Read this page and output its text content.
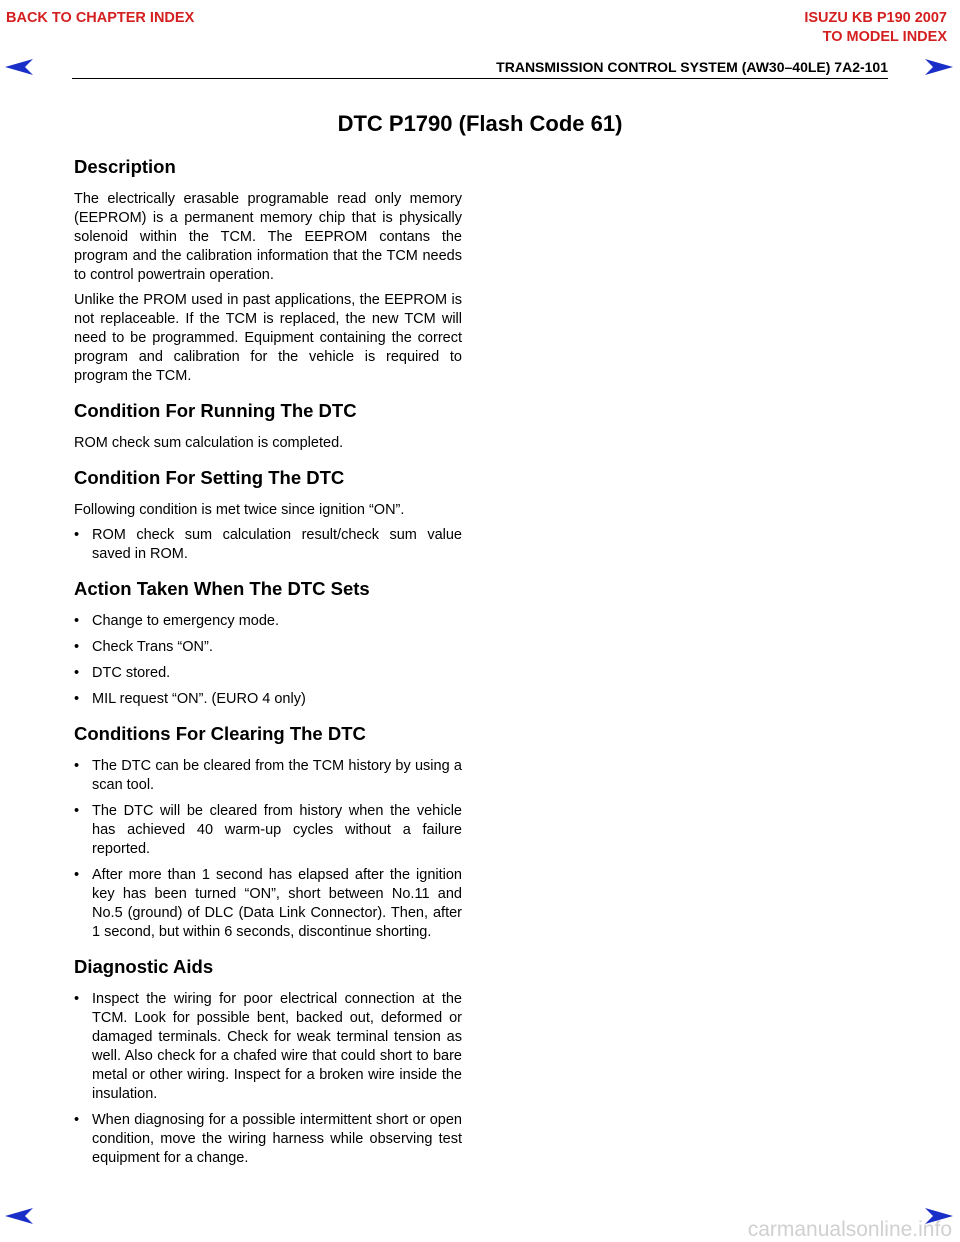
BACK TO CHAPTER INDEX	ISUZU KB P190 2007
TO MODEL INDEX
TRANSMISSION CONTROL SYSTEM (AW30–40LE) 7A2-101
DTC P1790 (Flash Code 61)
Description

The electrically erasable programable read only memory (EEPROM) is a permanent memory chip that is physically solenoid within the TCM. The EEPROM contans the program and the calibration information that the TCM needs to control powertrain operation.

Unlike the PROM used in past applications, the EEPROM is not replaceable. If the TCM is replaced, the new TCM will need to be programmed. Equipment containing the correct program and calibration for the vehicle is required to program the TCM.

Condition For Running The DTC

ROM check sum calculation is completed.

Condition For Setting The DTC

Following condition is met twice since ignition “ON”.

• ROM check sum calculation result/check sum value saved in ROM.
Action Taken When The DTC Sets
• Change to emergency mode.
• Check Trans “ON”.
• DTC stored.
• MIL request “ON”. (EURO 4 only)
Conditions For Clearing The DTC
• The DTC can be cleared from the TCM history by using a scan tool.
• The DTC will be cleared from history when the vehicle has achieved 40 warm-up cycles without a failure reported.
• After more than 1 second has elapsed after the ignition key has been turned “ON”, short between No.11 and No.5 (ground) of DLC (Data Link Connector). Then, after 1 second, but within 6 seconds, discontinue shorting.
Diagnostic Aids
• Inspect the wiring for poor electrical connection at the TCM. Look for possible bent, backed out, deformed or damaged terminals. Check for weak terminal tension as well. Also check for a chafed wire that could short to bare metal or other wiring. Inspect for a broken wire inside the insulation.
• When diagnosing for a possible intermittent short or open condition, move the wiring harness while observing test equipment for a change.
carmanualsonline.info
